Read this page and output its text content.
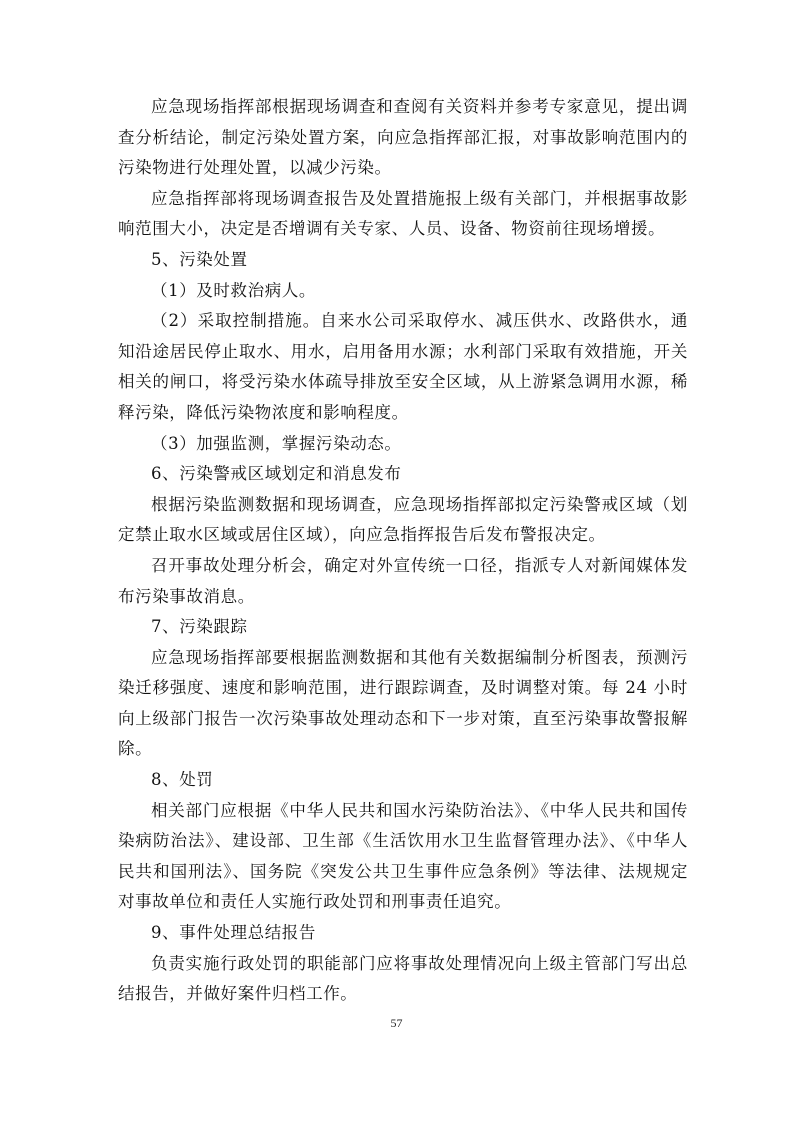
应急现场指挥部根据现场调查和查阅有关资料并参考专家意见，提出调查分析结论，制定污染处置方案，向应急指挥部汇报，对事故影响范围内的污染物进行处理处置，以减少污染。

应急指挥部将现场调查报告及处置措施报上级有关部门，并根据事故影响范围大小，决定是否增调有关专家、人员、设备、物资前往现场增援。

5、污染处置

（1）及时救治病人。

（2）采取控制措施。自来水公司采取停水、减压供水、改路供水，通知沿途居民停止取水、用水，启用备用水源；水利部门采取有效措施，开关相关的闸口，将受污染水体疏导排放至安全区域，从上游紧急调用水源，稀释污染，降低污染物浓度和影响程度。

（3）加强监测，掌握污染动态。

6、污染警戒区域划定和消息发布

根据污染监测数据和现场调查，应急现场指挥部拟定污染警戒区域（划定禁止取水区域或居住区域），向应急指挥报告后发布警报决定。

召开事故处理分析会，确定对外宣传统一口径，指派专人对新闻媒体发布污染事故消息。

7、污染跟踪

应急现场指挥部要根据监测数据和其他有关数据编制分析图表，预测污染迁移强度、速度和影响范围，进行跟踪调查，及时调整对策。每 24 小时向上级部门报告一次污染事故处理动态和下一步对策，直至污染事故警报解除。

8、处罚

相关部门应根据《中华人民共和国水污染防治法》、《中华人民共和国传染病防治法》、建设部、卫生部《生活饮用水卫生监督管理办法》、《中华人民共和国刑法》、国务院《突发公共卫生事件应急条例》等法律、法规规定对事故单位和责任人实施行政处罚和刑事责任追究。

9、事件处理总结报告

负责实施行政处罚的职能部门应将事故处理情况向上级主管部门写出总结报告，并做好案件归档工作。

57
